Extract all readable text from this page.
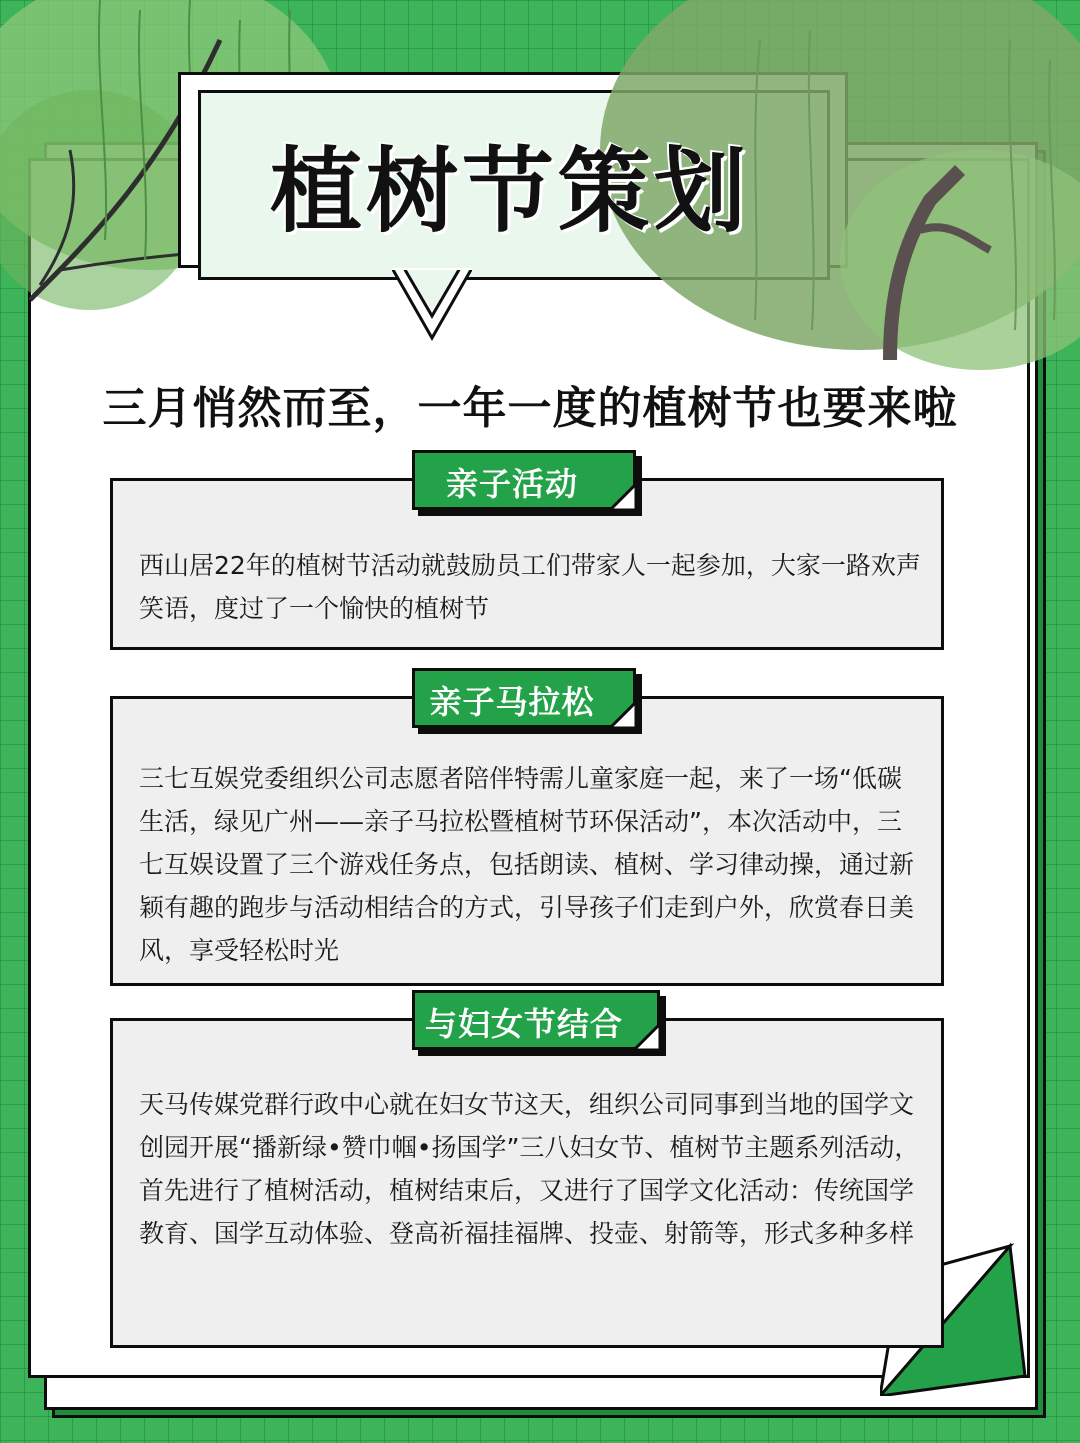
植树节策划
三月悄然而至，一年一度的植树节也要来啦
西山居22年的植树节活动就鼓励员工们带家人一起参加，大家一路欢声笑语，度过了一个愉快的植树节
亲子活动
三七互娱党委组织公司志愿者陪伴特需儿童家庭一起，来了一场“低碳生活，绿见广州——亲子马拉松暨植树节环保活动”，本次活动中，三七互娱设置了三个游戏任务点，包括朗读、植树、学习律动操，通过新颖有趣的跑步与活动相结合的方式，引导孩子们走到户外，欣赏春日美风，享受轻松时光
亲子马拉松
天马传媒党群行政中心就在妇女节这天，组织公司同事到当地的国学文创园开展“播新绿•赞巾帼•扬国学”三八妇女节、植树节主题系列活动，首先进行了植树活动，植树结束后，又进行了国学文化活动：传统国学教育、国学互动体验、登高祈福挂福牌、投壶、射箭等，形式多种多样
与妇女节结合
